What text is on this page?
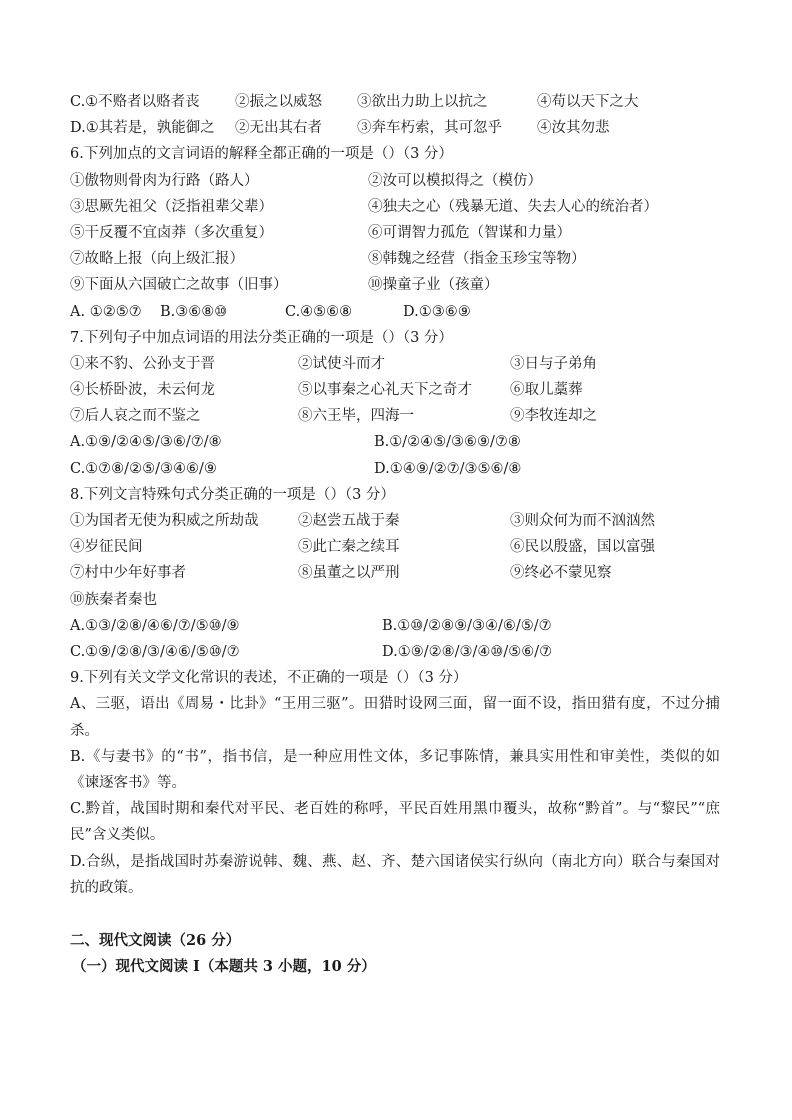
C.①不赂者以赂者丧	②振之以威怒	③欲出力助上以抗之	④苟以天下之大
D.①其若是，孰能御之	②无出其右者	③奔车朽索，其可忽乎	④汝其勿悲
6.下列加点的文言词语的解释全都正确的一项是（）（3 分）
①傲物则骨肉为行路（路人）	②汝可以模拟得之（模仿）
③思厥先祖父（泛指祖辈父辈）	④独夫之心（残暴无道、失去人心的统治者）
⑤干反覆不宜卤莽（多次重复）	⑥可谓智力孤危（智谋和力量）
⑦故略上报（向上级汇报）	⑧韩魏之经营（指金玉珍宝等物）
⑨下面从六国破亡之故事（旧事）	⑩操童子业（孩童）
A. ①②⑤⑦	B.③⑥⑧⑩	C.④⑤⑥⑧	D.①③⑥⑨
7.下列句子中加点词语的用法分类正确的一项是（）（3 分）
①来不豹、公孙支于晋	②试使斗而才	③日与子弟角
④长桥卧波，未云何龙	⑤以事秦之心礼天下之奇才	⑥取儿藁葬
⑦后人哀之而不鉴之	⑧六王毕，四海一	⑨李牧连却之
A.①⑨/②④⑤/③⑥/⑦/⑧	B.①/②④⑤/③⑥⑨/⑦⑧
C.①⑦⑧/②⑤/③④⑥/⑨	D.①④⑨/②⑦/③⑤⑥/⑧
8.下列文言特殊句式分类正确的一项是（）（3 分）
①为国者无使为积威之所劫哉	②赵尝五战于秦	③则众何为而不汹汹然
④岁征民间	⑤此亡秦之续耳	⑥民以殷盛，国以富强
⑦村中少年好事者	⑧虽董之以严刑	⑨终必不蒙见察
⑩族秦者秦也
A.①③/②⑧/④⑥/⑦/⑤⑩/⑨	B.①⑩/②⑧⑨/③④/⑥/⑤/⑦
C.①⑨/②⑧/③/④⑥/⑤⑩/⑦	D.①⑨/②⑧/③/④⑩/⑤⑥/⑦
9.下列有关文学文化常识的表述，不正确的一项是（）（3 分）
A、三驱，语出《周易・比卦》“王用三驱”。田猎时设网三面，留一面不设，指田猎有度，不过分捕杀。
B.《与妻书》的“书”，指书信，是一种应用性文体，多记事陈情，兼具实用性和审美性，类似的如《谏逐客书》等。
C.黔首，战国时期和秦代对平民、老百姓的称呼，平民百姓用黑巾覆头，故称“黔首”。与“黎民”“庶民”含义类似。
D.合纵，是指战国时苏秦游说韩、魏、燕、赵、齐、楚六国诸侯实行纵向（南北方向）联合与秦国对抗的政策。
二、现代文阅读（26 分）
（一）现代文阅读 I（本题共 3 小题，10 分）
